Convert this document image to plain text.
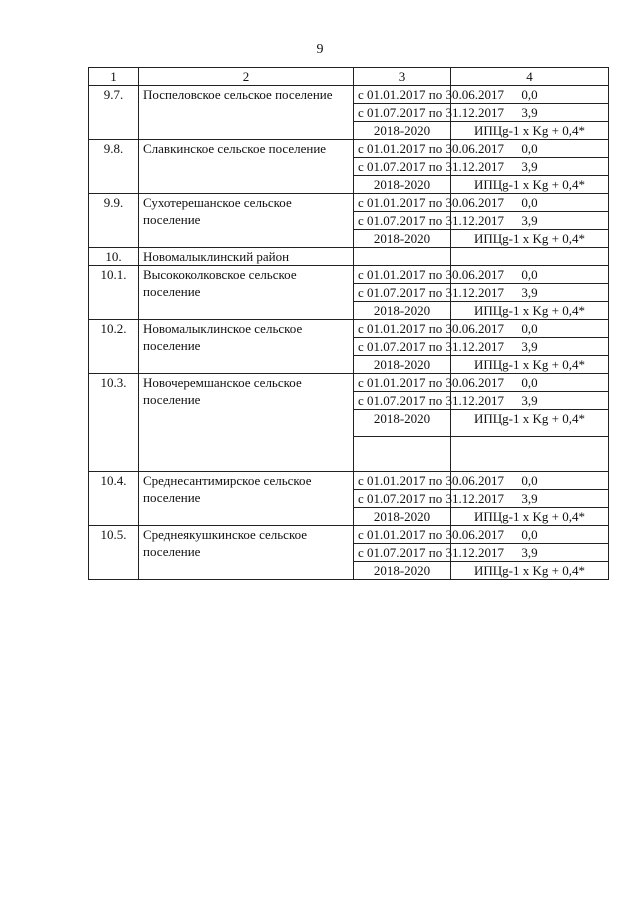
9
1	2	3	4
9.7.	Поспеловское сельское поселение	с 01.01.2017 по 30.06.2017	0,0
		с 01.07.2017 по 31.12.2017	3,9
		2018-2020	ИПЦg-1 х Kg + 0,4*
9.8.	Славкинское сельское поселение	с 01.01.2017 по 30.06.2017	0,0
		с 01.07.2017 по 31.12.2017	3,9
		2018-2020	ИПЦg-1 х Kg + 0,4*
9.9.	Сухотерешанское сельское поселение	с 01.01.2017 по 30.06.2017	0,0
		с 01.07.2017 по 31.12.2017	3,9
		2018-2020	ИПЦg-1 х Kg + 0,4*
10.	Новомалыклинский район		
10.1.	Высококолковское сельское поселение	с 01.01.2017 по 30.06.2017	0,0
		с 01.07.2017 по 31.12.2017	3,9
		2018-2020	ИПЦg-1 х Kg + 0,4*
10.2.	Новомалыклинское сельское поселение	с 01.01.2017 по 30.06.2017	0,0
		с 01.07.2017 по 31.12.2017	3,9
		2018-2020	ИПЦg-1 х Kg + 0,4*
10.3.	Новочеремшанское сельское поселение	с 01.01.2017 по 30.06.2017	0,0
		с 01.07.2017 по 31.12.2017	3,9
		2018-2020	ИПЦg-1 х Kg + 0,4*

10.4.	Среднесантимирское сельское поселение	с 01.01.2017 по 30.06.2017	0,0
		с 01.07.2017 по 31.12.2017	3,9
		2018-2020	ИПЦg-1 х Kg + 0,4*
10.5.	Среднеякушкинское сельское поселение	с 01.01.2017 по 30.06.2017	0,0
		с 01.07.2017 по 31.12.2017	3,9
		2018-2020	ИПЦg-1 х Kg + 0,4*
